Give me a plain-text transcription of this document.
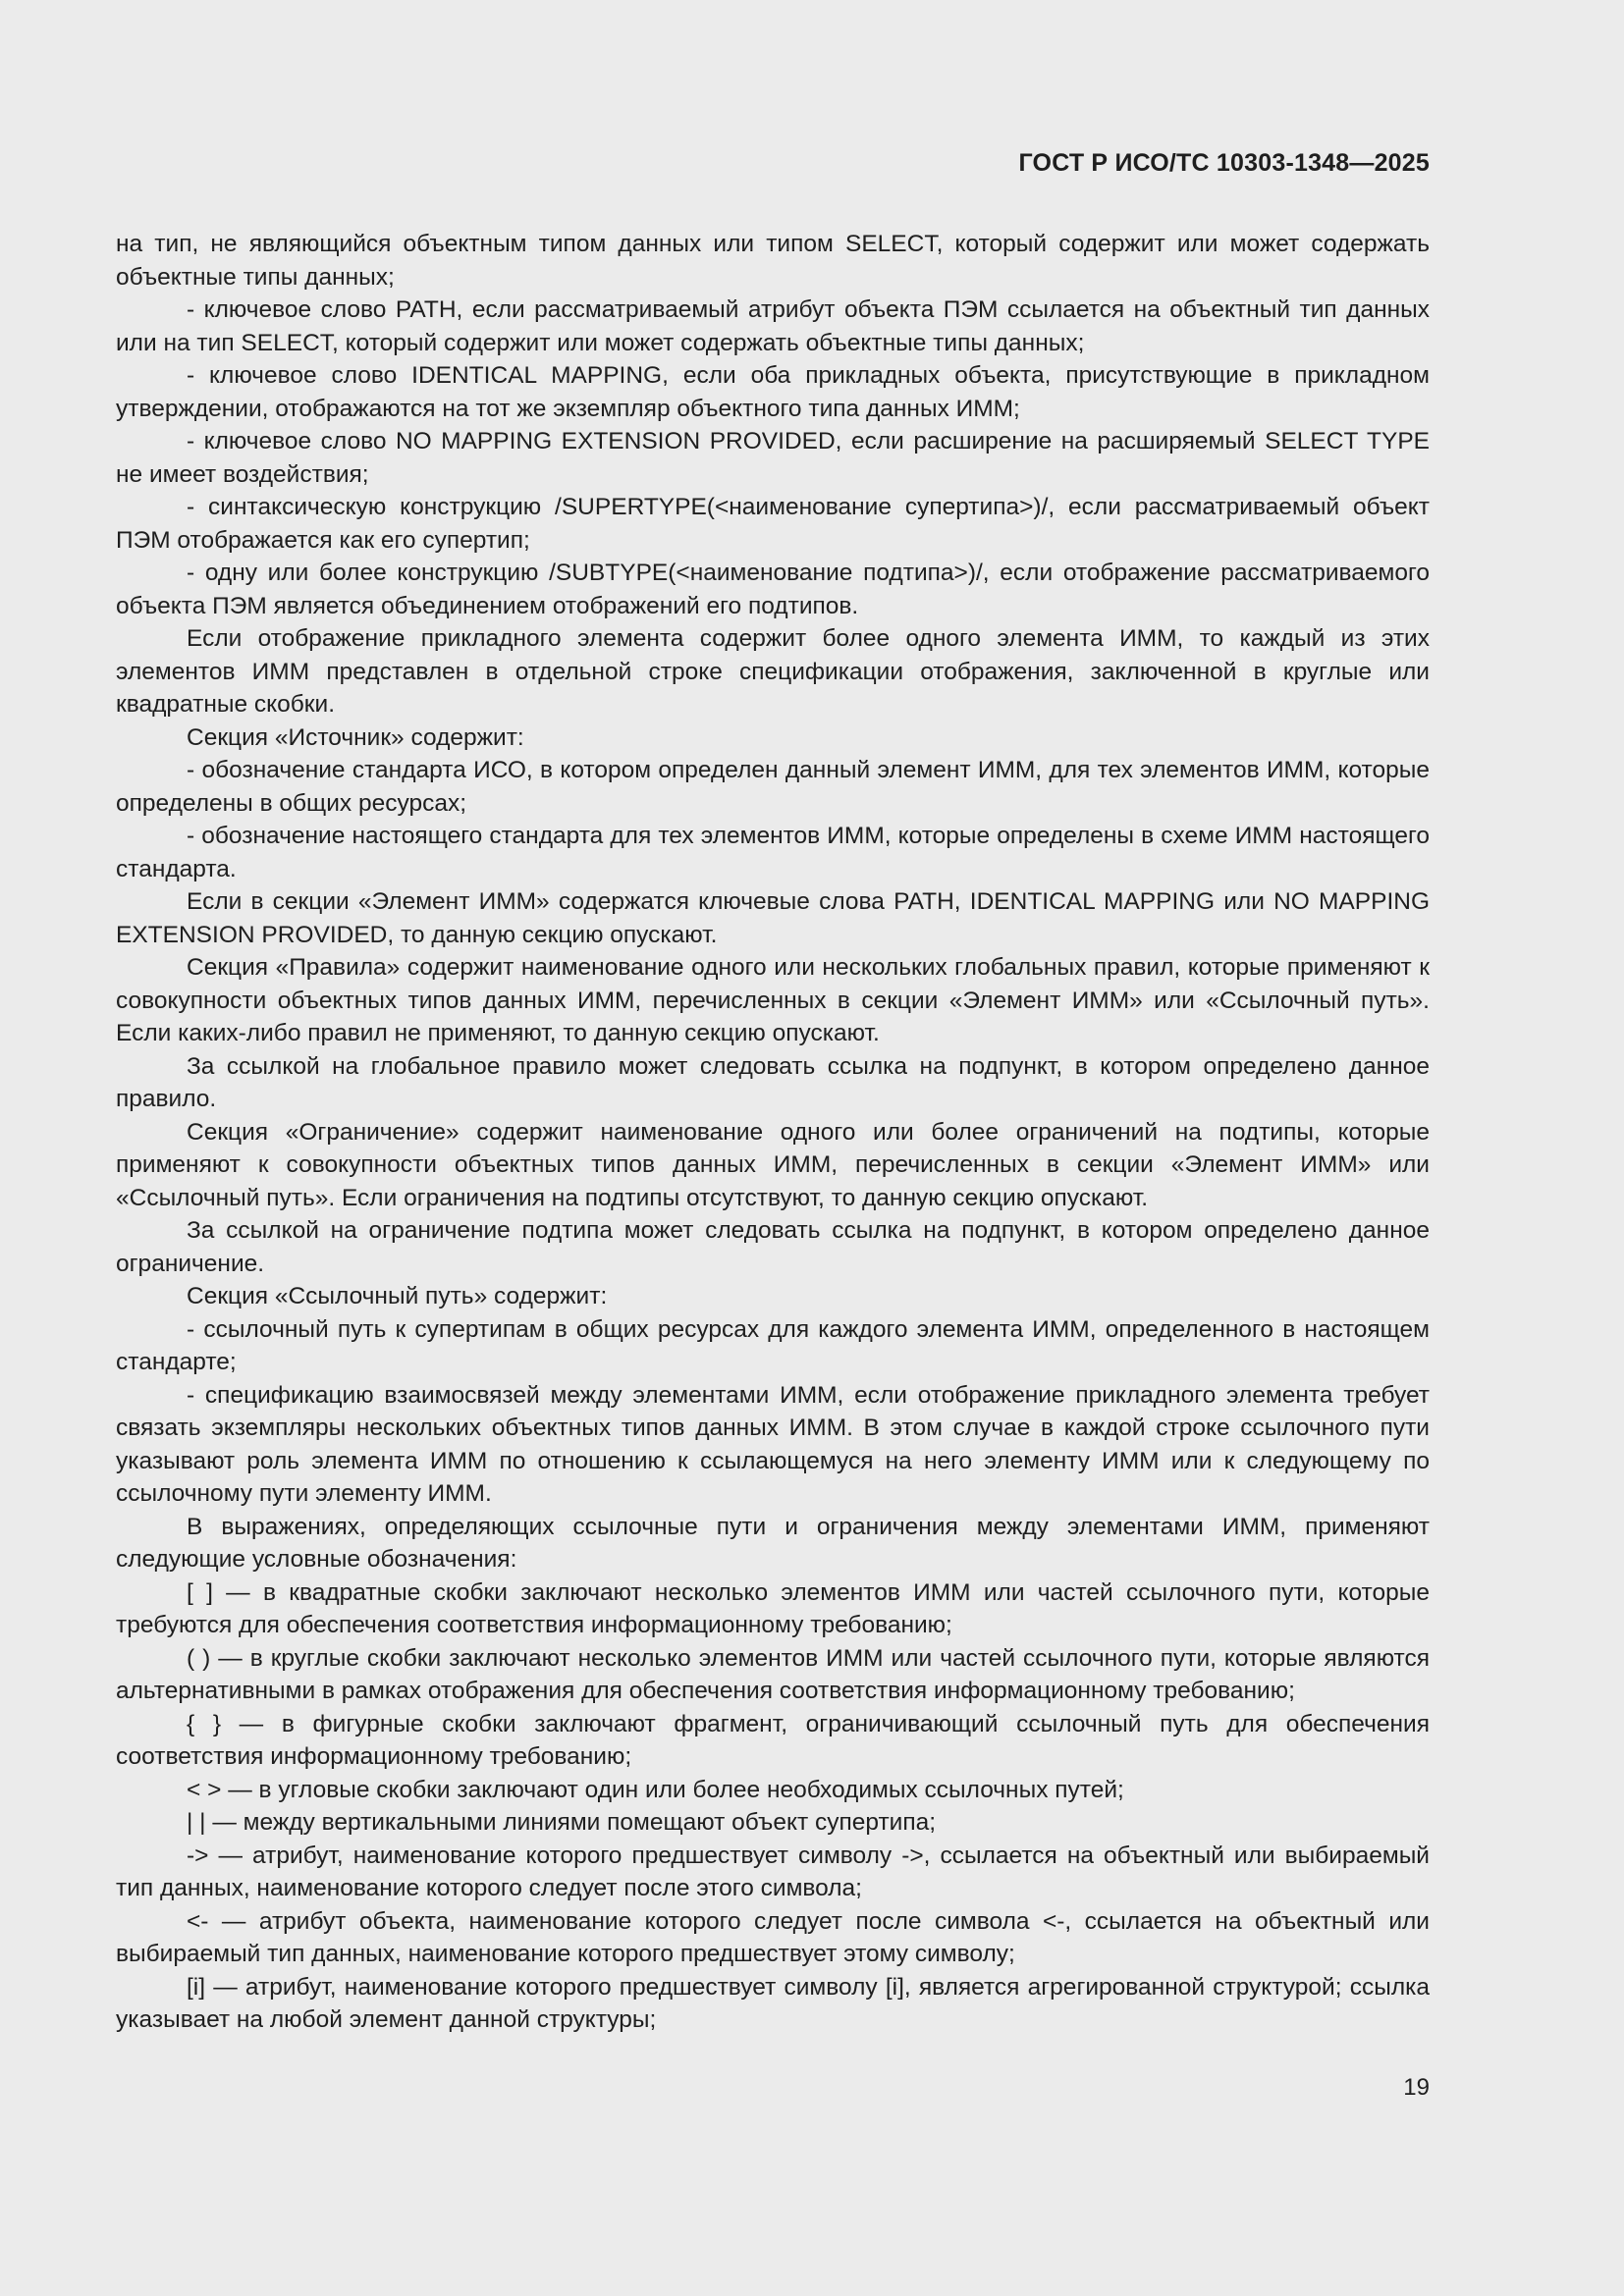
ГОСТ Р ИСО/ТС 10303-1348—2025

на тип, не являющийся объектным типом данных или типом SELECT, который содержит или может содержать объектные типы данных;

- ключевое слово PATH, если рассматриваемый атрибут объекта ПЭМ ссылается на объектный тип данных или на тип SELECT, который содержит или может содержать объектные типы данных;

- ключевое слово IDENTICAL MAPPING, если оба прикладных объекта, присутствующие в прикладном утверждении, отображаются на тот же экземпляр объектного типа данных ИММ;

- ключевое слово NO MAPPING EXTENSION PROVIDED, если расширение на расширяемый SELECT TYPE не имеет воздействия;

- синтаксическую конструкцию /SUPERTYPE(<наименование супертипа>)/, если рассматриваемый объект ПЭМ отображается как его супертип;

- одну или более конструкцию /SUBTYPE(<наименование подтипа>)/, если отображение рассматриваемого объекта ПЭМ является объединением отображений его подтипов.

Если отображение прикладного элемента содержит более одного элемента ИММ, то каждый из этих элементов ИММ представлен в отдельной строке спецификации отображения, заключенной в круглые или квадратные скобки.

Секция «Источник» содержит:

- обозначение стандарта ИСО, в котором определен данный элемент ИММ, для тех элементов ИММ, которые определены в общих ресурсах;

- обозначение настоящего стандарта для тех элементов ИММ, которые определены в схеме ИММ настоящего стандарта.

Если в секции «Элемент ИММ» содержатся ключевые слова PATH, IDENTICAL MAPPING или NO MAPPING EXTENSION PROVIDED, то данную секцию опускают.

Секция «Правила» содержит наименование одного или нескольких глобальных правил, которые применяют к совокупности объектных типов данных ИММ, перечисленных в секции «Элемент ИММ» или «Ссылочный путь». Если каких-либо правил не применяют, то данную секцию опускают.

За ссылкой на глобальное правило может следовать ссылка на подпункт, в котором определено данное правило.

Секция «Ограничение» содержит наименование одного или более ограничений на подтипы, которые применяют к совокупности объектных типов данных ИММ, перечисленных в секции «Элемент ИММ» или «Ссылочный путь». Если ограничения на подтипы отсутствуют, то данную секцию опускают.

За ссылкой на ограничение подтипа может следовать ссылка на подпункт, в котором определено данное ограничение.

Секция «Ссылочный путь» содержит:

- ссылочный путь к супертипам в общих ресурсах для каждого элемента ИММ, определенного в настоящем стандарте;

- спецификацию взаимосвязей между элементами ИММ, если отображение прикладного элемента требует связать экземпляры нескольких объектных типов данных ИММ. В этом случае в каждой строке ссылочного пути указывают роль элемента ИММ по отношению к ссылающемуся на него элементу ИММ или к следующему по ссылочному пути элементу ИММ.

В выражениях, определяющих ссылочные пути и ограничения между элементами ИММ, применяют следующие условные обозначения:

[ ] — в квадратные скобки заключают несколько элементов ИММ или частей ссылочного пути, которые требуются для обеспечения соответствия информационному требованию;

( ) — в круглые скобки заключают несколько элементов ИММ или частей ссылочного пути, которые являются альтернативными в рамках отображения для обеспечения соответствия информационному требованию;

{ } — в фигурные скобки заключают фрагмент, ограничивающий ссылочный путь для обеспечения соответствия информационному требованию;

< > — в угловые скобки заключают один или более необходимых ссылочных путей;

| | — между вертикальными линиями помещают объект супертипа;

-> — атрибут, наименование которого предшествует символу ->, ссылается на объектный или выбираемый тип данных, наименование которого следует после этого символа;

<- — атрибут объекта, наименование которого следует после символа <-, ссылается на объектный или выбираемый тип данных, наименование которого предшествует этому символу;

[i] — атрибут, наименование которого предшествует символу [i], является агрегированной структурой; ссылка указывает на любой элемент данной структуры;

19
